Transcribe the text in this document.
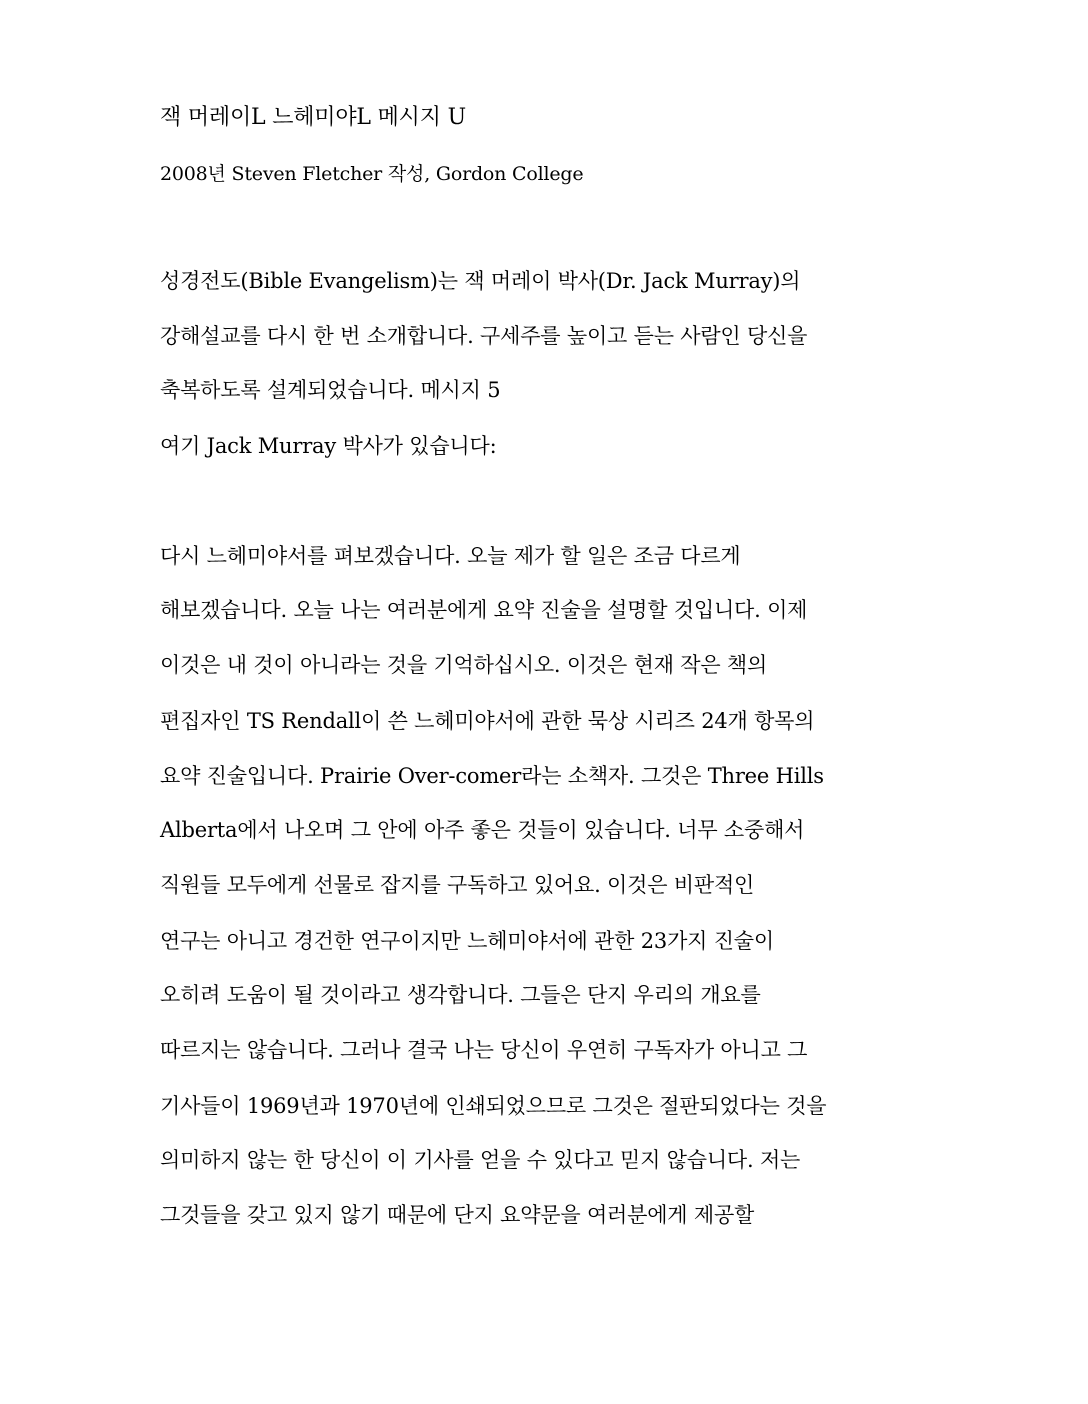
잭 머레이L 느헤미야L 메시지 U
2008년 Steven Fletcher 작성, Gordon College
성경전도(Bible Evangelism)는 잭 머레이 박사(Dr. Jack Murray)의
강해설교를 다시 한 번 소개합니다. 구세주를 높이고 듣는 사람인 당신을
축복하도록 설계되었습니다. 메시지 5
여기 Jack Murray 박사가 있습니다:
다시 느헤미야서를 펴보겠습니다. 오늘 제가 할 일은 조금 다르게
해보겠습니다. 오늘 나는 여러분에게 요약 진술을 설명할 것입니다. 이제
이것은 내 것이 아니라는 것을 기억하십시오. 이것은 현재 작은 책의
편집자인 TS Rendall이 쓴 느헤미야서에 관한 묵상 시리즈 24개 항목의
요약 진술입니다. Prairie Over-comer라는 소책자. 그것은 Three Hills
Alberta에서 나오며 그 안에 아주 좋은 것들이 있습니다. 너무 소중해서
직원들 모두에게 선물로 잡지를 구독하고 있어요. 이것은 비판적인
연구는 아니고 경건한 연구이지만 느헤미야서에 관한 23가지 진술이
오히려 도움이 될 것이라고 생각합니다. 그들은 단지 우리의 개요를
따르지는 않습니다. 그러나 결국 나는 당신이 우연히 구독자가 아니고 그
기사들이 1969년과 1970년에 인쇄되었으므로 그것은 절판되었다는 것을
의미하지 않는 한 당신이 이 기사를 얻을 수 있다고 믿지 않습니다. 저는
그것들을 갖고 있지 않기 때문에 단지 요약문을 여러분에게 제공할
